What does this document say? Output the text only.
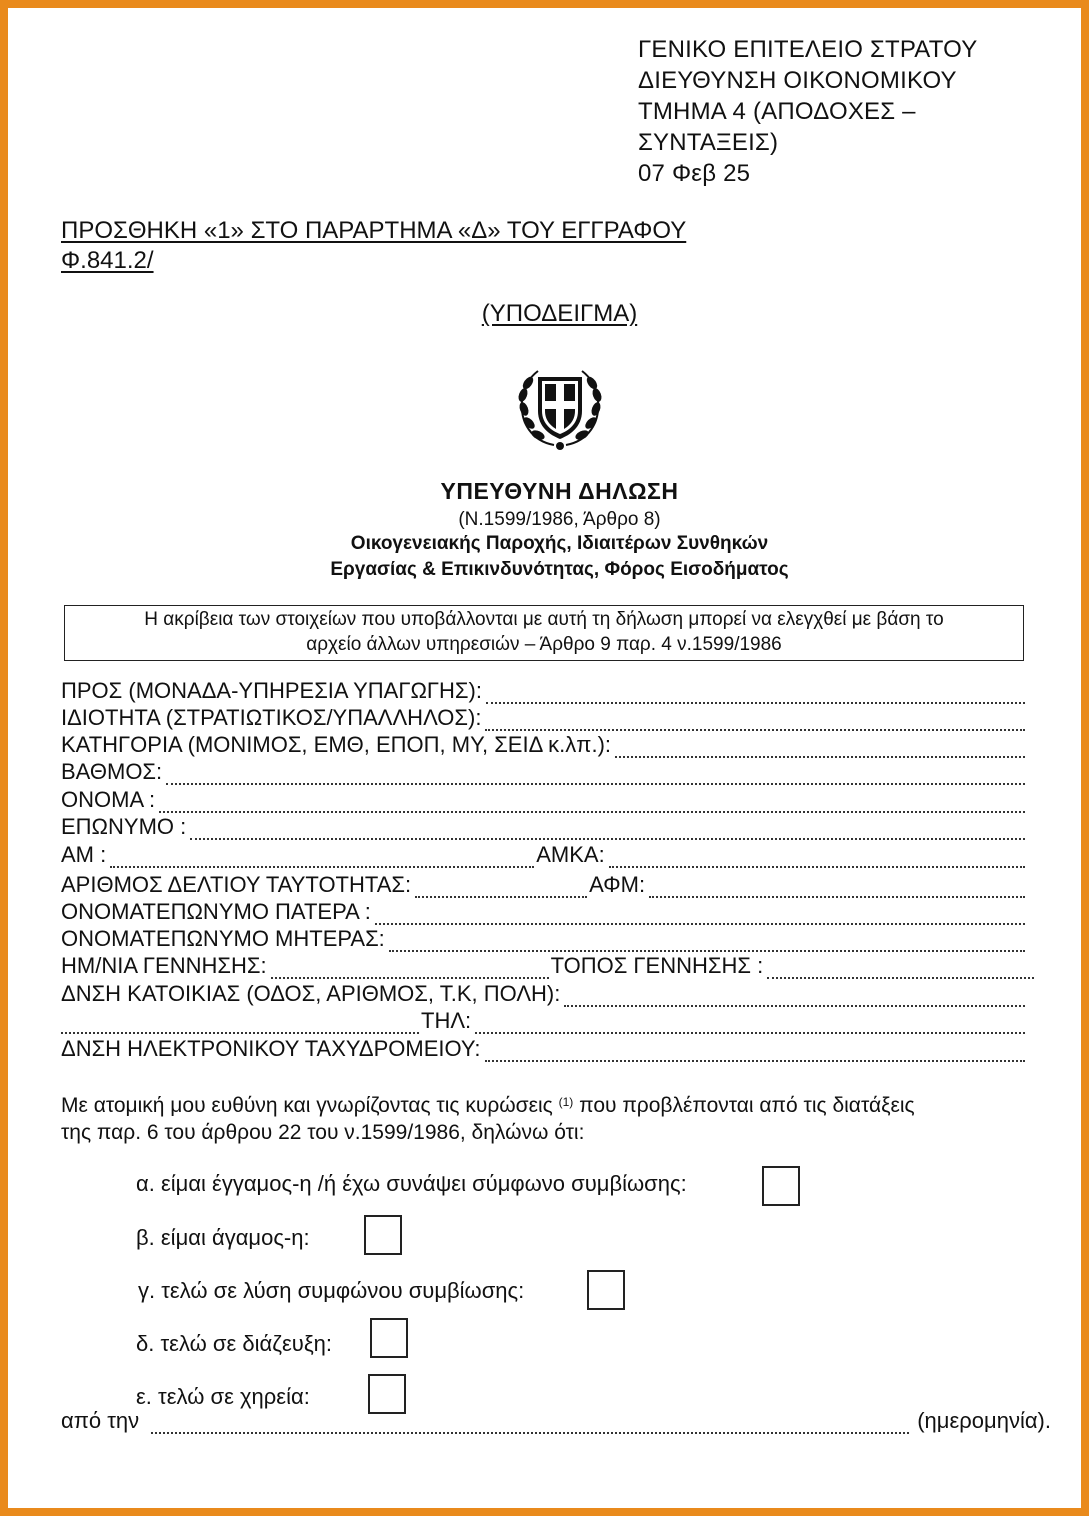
ΓΕΝΙΚΟ ΕΠΙΤΕΛΕΙΟ ΣΤΡΑΤΟΥ
ΔΙΕΥΘΥΝΣΗ ΟΙΚΟΝΟΜΙΚΟΥ
ΤΜΗΜΑ 4 (ΑΠΟΔΟΧΕΣ –
ΣΥΝΤΑΞΕΙΣ)
07 Φεβ 25
ΠΡΟΣΘΗΚΗ «1» ΣΤΟ ΠΑΡΑΡΤΗΜΑ «Δ» ΤΟΥ ΕΓΓΡΑΦΟΥ
Φ.841.2/
(ΥΠΟΔΕΙΓΜΑ)
ΥΠΕΥΘΥΝΗ ΔΗΛΩΣΗ
(Ν.1599/1986, Άρθρο 8)
Οικογενειακής Παροχής, Ιδιαιτέρων Συνθηκών
Εργασίας & Επικινδυνότητας, Φόρος Εισοδήματος
Η ακρίβεια των στοιχείων που υποβάλλονται με αυτή τη δήλωση μπορεί να ελεγχθεί με βάση το
αρχείο άλλων υπηρεσιών – Άρθρο 9 παρ. 4 ν.1599/1986
ΠΡΟΣ (ΜΟΝΑΔΑ-ΥΠΗΡΕΣΙΑ ΥΠΑΓΩΓΗΣ):
ΙΔΙΟΤΗΤΑ (ΣΤΡΑΤΙΩΤΙΚΟΣ/ΥΠΑΛΛΗΛΟΣ):
ΚΑΤΗΓΟΡΙΑ (ΜΟΝΙΜΟΣ, ΕΜΘ, ΕΠΟΠ, ΜΥ, ΣΕΙΔ κ.λπ.):
ΒΑΘΜΟΣ:
ΟΝΟΜΑ :
ΕΠΩΝΥΜΟ :
ΑΜ :	ΑΜΚΑ:
ΑΡΙΘΜΟΣ ΔΕΛΤΙΟΥ ΤΑΥΤΟΤΗΤΑΣ:	ΑΦΜ:
ΟΝΟΜΑΤΕΠΩΝΥΜΟ ΠΑΤΕΡΑ :
ΟΝΟΜΑΤΕΠΩΝΥΜΟ ΜΗΤΕΡΑΣ:
ΗΜ/ΝΙΑ ΓΕΝΝΗΣΗΣ:	ΤΟΠΟΣ ΓΕΝΝΗΣΗΣ :
ΔΝΣΗ ΚΑΤΟΙΚΙΑΣ (ΟΔΟΣ, ΑΡΙΘΜΟΣ, Τ.Κ, ΠΟΛΗ):
ΤΗΛ:
ΔΝΣΗ ΗΛΕΚΤΡΟΝΙΚΟΥ ΤΑΧΥΔΡΟΜΕΙΟΥ:
Με ατομική μου ευθύνη και γνωρίζοντας τις κυρώσεις $^{(1)}$ που προβλέπονται από τις διατάξεις
της παρ. 6 του άρθρου 22 του ν.1599/1986, δηλώνω ότι:
α. είμαι έγγαμος-η /ή έχω συνάψει σύμφωνο συμβίωσης:
β. είμαι άγαμος-η:
γ. τελώ σε λύση συμφώνου συμβίωσης:
δ. τελώ σε διάζευξη:
ε. τελώ σε χηρεία:
από την	(ημερομηνία).
